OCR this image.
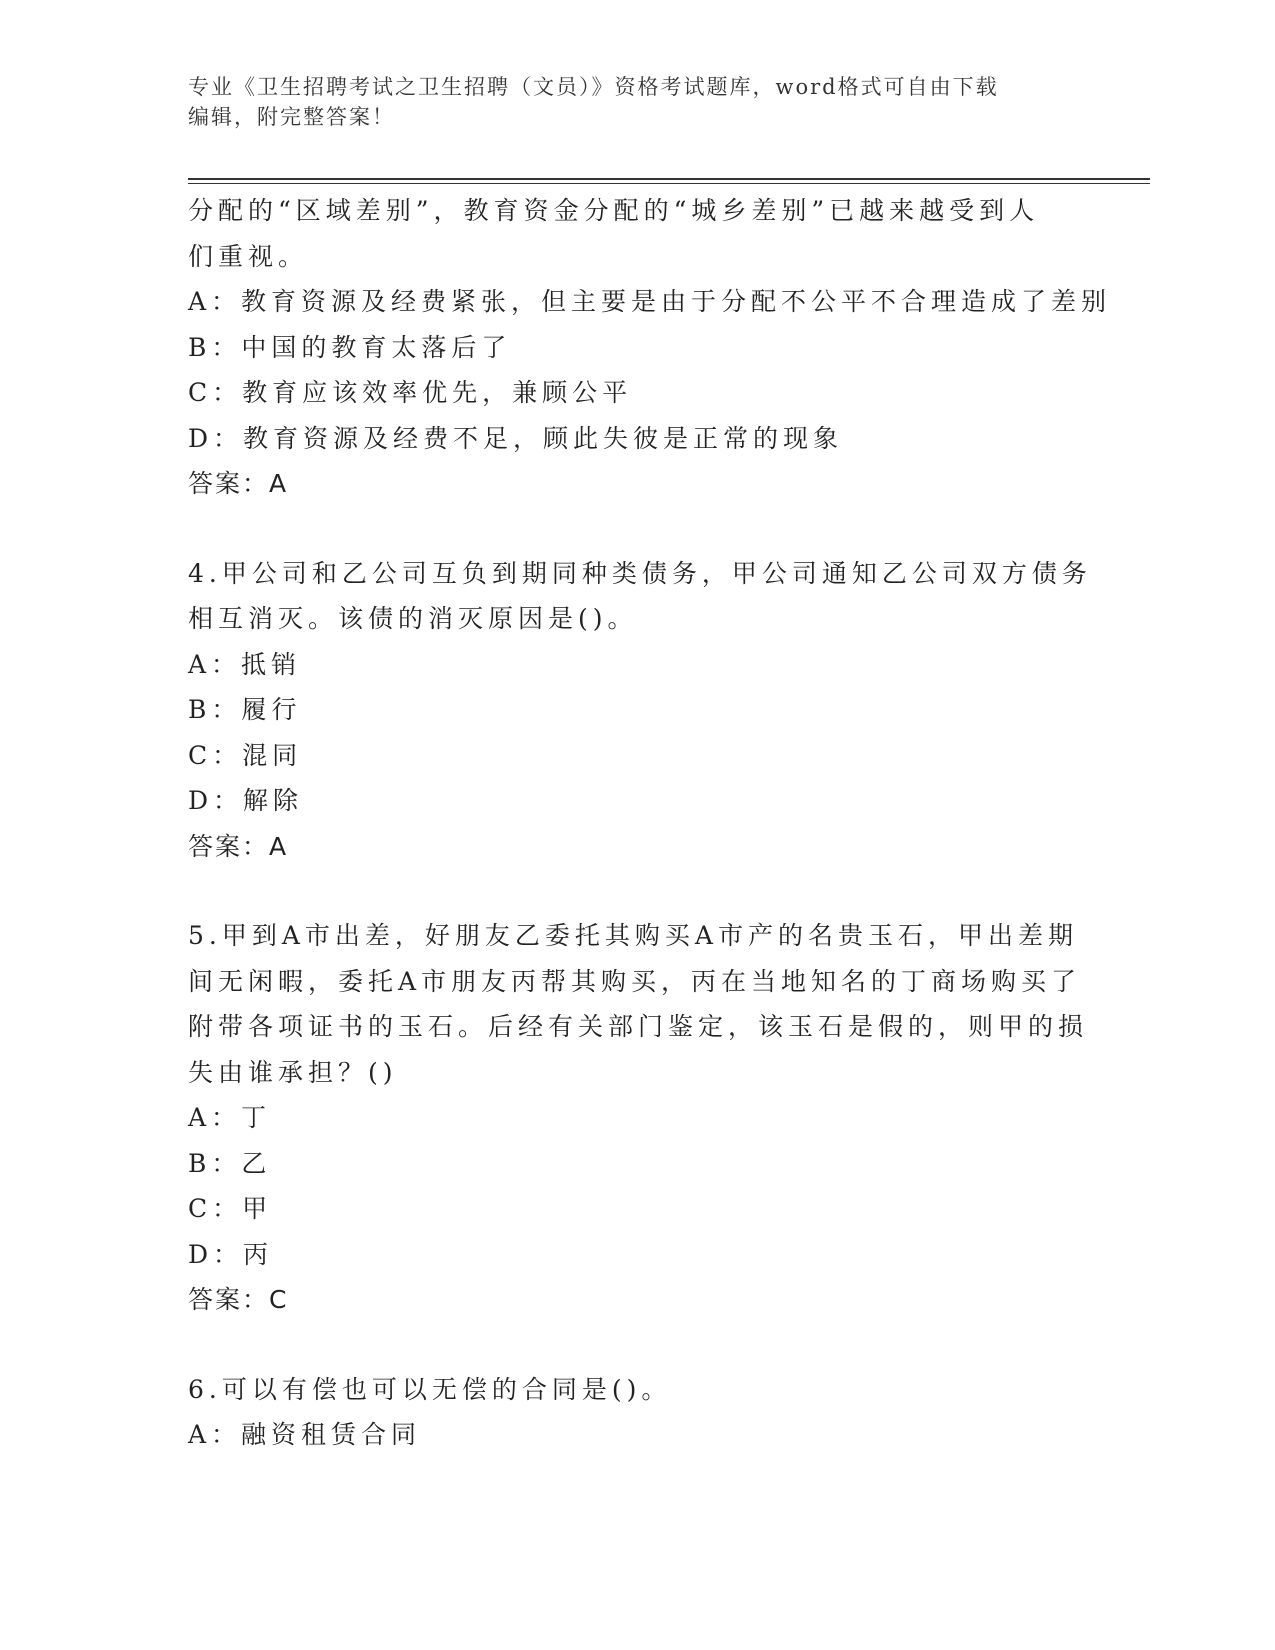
专业《卫生招聘考试之卫生招聘（文员）》资格考试题库，word格式可自由下载
编辑，附完整答案！
分配的“区域差别”，教育资金分配的“城乡差别”已越来越受到人
们重视。
A：教育资源及经费紧张，但主要是由于分配不公平不合理造成了差别
B：中国的教育太落后了
C：教育应该效率优先，兼顾公平
D：教育资源及经费不足，顾此失彼是正常的现象
答案：A
4.甲公司和乙公司互负到期同种类债务，甲公司通知乙公司双方债务
相互消灭。该债的消灭原因是()。
A：抵销
B：履行
C：混同
D：解除
答案：A
5.甲到A市出差，好朋友乙委托其购买A市产的名贵玉石，甲出差期
间无闲暇，委托A市朋友丙帮其购买，丙在当地知名的丁商场购买了
附带各项证书的玉石。后经有关部门鉴定，该玉石是假的，则甲的损
失由谁承担？()
A：丁
B：乙
C：甲
D：丙
答案：C
6.可以有偿也可以无偿的合同是()。
A：融资租赁合同
